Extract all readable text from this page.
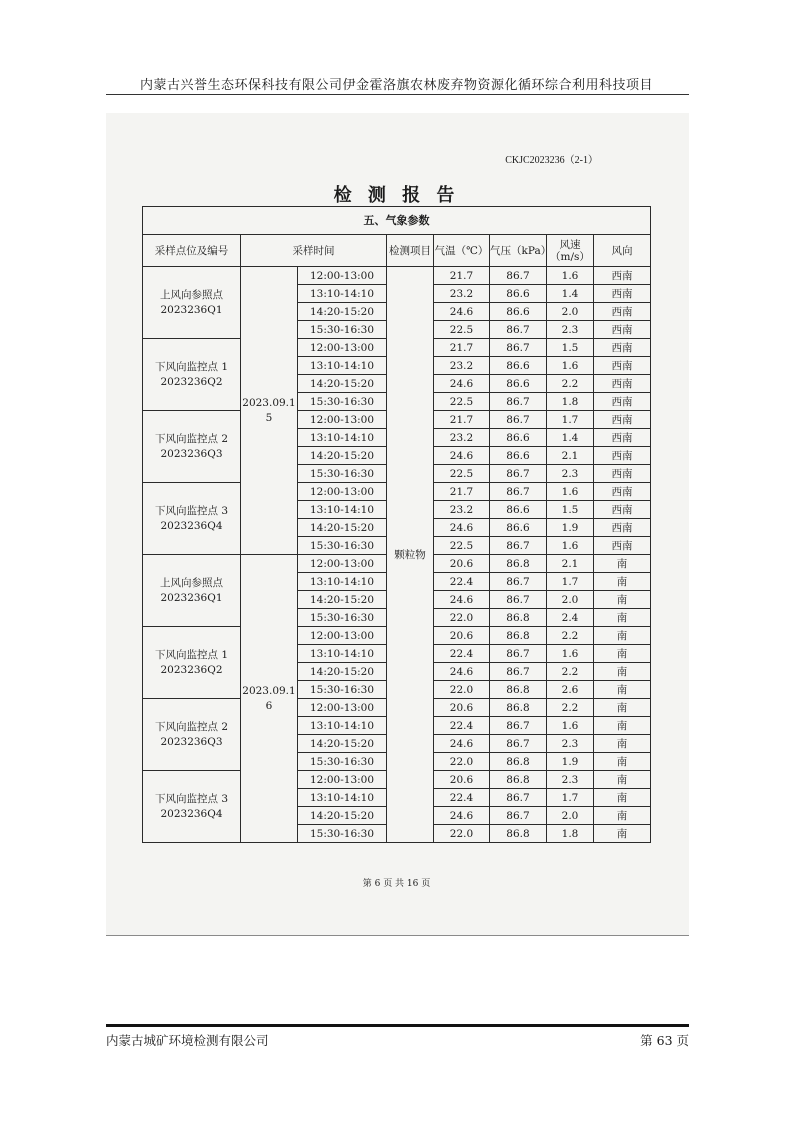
内蒙古兴誉生态环保科技有限公司伊金霍洛旗农林废弃物资源化循环综合利用科技项目
CKJC2023236（2-1）
检 测 报 告
五、气象参数							
采样点位及编号	采样时间		检测项目	气温（℃）	气压（kPa）	风速（m/s）	风向

上风向参照点
2023236Q1	2023.09.15	12:00-13:00	颗粒物	21.7	86.7	1.6	西南
		13:10-14:10		23.2	86.6	1.4	西南
		14:20-15:20		24.6	86.6	2.0	西南
		15:30-16:30		22.5	86.7	2.3	西南

下风向监控点 1
2023236Q2		12:00-13:00		21.7	86.7	1.5	西南
		13:10-14:10		23.2	86.6	1.6	西南
		14:20-15:20		24.6	86.6	2.2	西南
		15:30-16:30		22.5	86.7	1.8	西南

下风向监控点 2
2023236Q3		12:00-13:00		21.7	86.7	1.7	西南
		13:10-14:10		23.2	86.6	1.4	西南
		14:20-15:20		24.6	86.6	2.1	西南
		15:30-16:30		22.5	86.7	2.3	西南

下风向监控点 3
2023236Q4		12:00-13:00		21.7	86.7	1.6	西南
		13:10-14:10		23.2	86.6	1.5	西南
		14:20-15:20		24.6	86.6	1.9	西南
		15:30-16:30		22.5	86.7	1.6	西南

上风向参照点
2023236Q1	2023.09.16	12:00-13:00		20.6	86.8	2.1	南
		13:10-14:10		22.4	86.7	1.7	南
		14:20-15:20		24.6	86.7	2.0	南
		15:30-16:30		22.0	86.8	2.4	南

下风向监控点 1
2023236Q2		12:00-13:00		20.6	86.8	2.2	南
		13:10-14:10		22.4	86.7	1.6	南
		14:20-15:20		24.6	86.7	2.2	南
		15:30-16:30		22.0	86.8	2.6	南

下风向监控点 2
2023236Q3		12:00-13:00		20.6	86.8	2.2	南
		13:10-14:10		22.4	86.7	1.6	南
		14:20-15:20		24.6	86.7	2.3	南
		15:30-16:30		22.0	86.8	1.9	南

下风向监控点 3
2023236Q4		12:00-13:00		20.6	86.8	2.3	南
		13:10-14:10		22.4	86.7	1.7	南
		14:20-15:20		24.6	86.7	2.0	南
		15:30-16:30		22.0	86.8	1.8	南
第 6 页 共 16 页
内蒙古城矿环境检测有限公司	第 63 页
